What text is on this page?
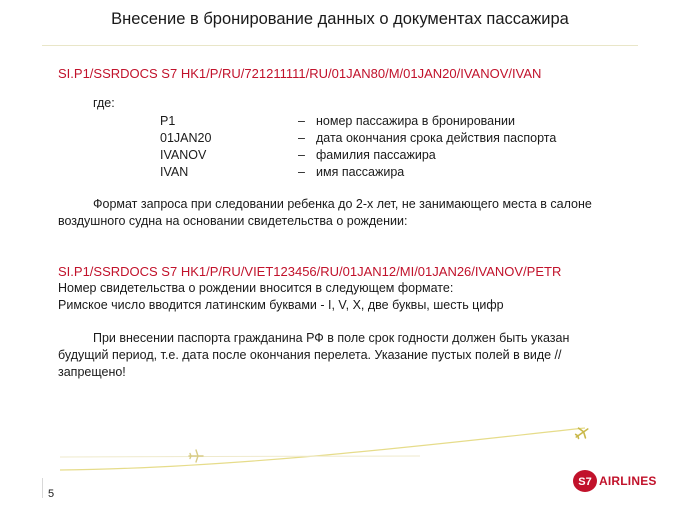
Внесение в бронирование данных о документах пассажира
SI.P1/SSRDOCS S7 HK1/P/RU/721211111/RU/01JAN80/M/01JAN20/IVANOV/IVAN
где:
P1
01JAN20
IVANOV
IVAN
– номер пассажира в бронировании
– дата окончания срока действия паспорта
– фамилия пассажира
– имя пассажира
Формат запроса при следовании ребенка до 2-х лет, не занимающего места в салоне
воздушного судна на основании свидетельства о рождении:
SI.P1/SSRDOCS S7 HK1/P/RU/VIET123456/RU/01JAN12/MI/01JAN26/IVANOV/PETR
Номер свидетельства о рождении вносится в следующем формате:
Римское число вводится латинским буквами - I, V, X, две буквы, шесть цифр
При внесении паспорта гражданина РФ в поле срок годности должен быть указан
будущий период, т.е. дата после окончания перелета. Указание пустых полей в виде //
запрещено!
5
S7 AIRLINES
